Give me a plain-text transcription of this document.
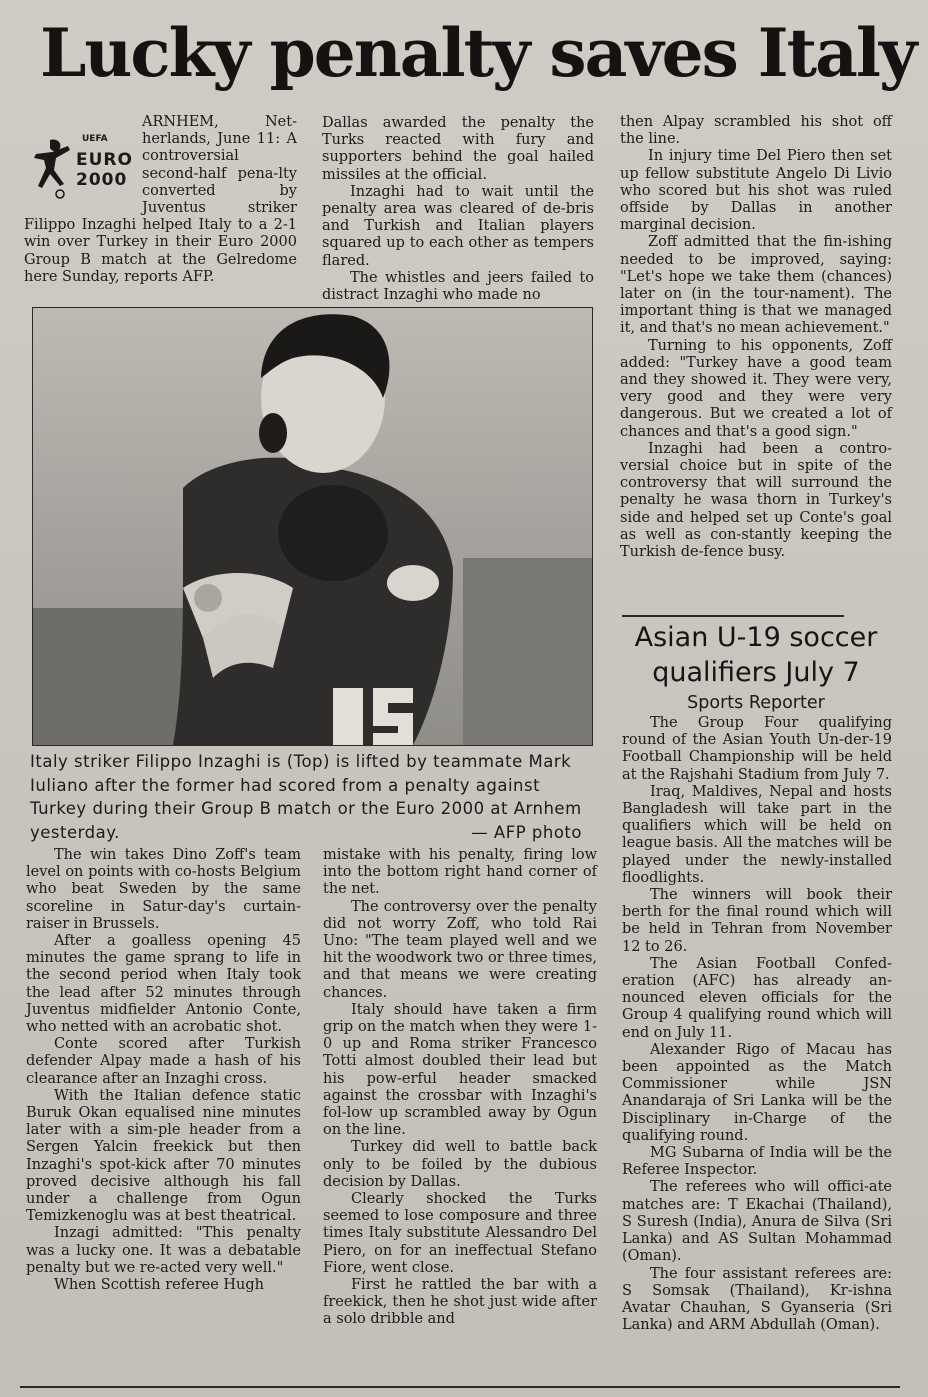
Lucky penalty saves Italy
UEFA
EURO
2000

ARNHEM, Net-herlands, June 11: A controversial second-half pena-lty converted by Juventus striker Filippo Inzaghi helped Italy to a 2-1 win over Turkey in their Euro 2000 Group B match at the Gelredome here Sunday, reports AFP.

Dallas awarded the penalty the Turks reacted with fury and supporters behind the goal hailed missiles at the official.

Inzaghi had to wait until the penalty area was cleared of de-bris and Turkish and Italian players squared up to each other as tempers flared.

The whistles and jeers failed to distract Inzaghi who made no

then Alpay scrambled his shot off the line.

In injury time Del Piero then set up fellow substitute Angelo Di Livio who scored but his shot was ruled offside by Dallas in another marginal decision.

Zoff admitted that the fin-ishing needed to be improved, saying: "Let's hope we take them (chances) later on (in the tour-nament). The important thing is that we managed it, and that's no mean achievement."

Turning to his opponents, Zoff added: "Turkey have a good team and they showed it. They were very, very good and they were very dangerous. But we created a lot of chances and that's a good sign."

Inzaghi had been a contro-versial choice but in spite of the controversy that will surround the penalty he wasa thorn in Turkey's side and helped set up Conte's goal as well as con-stantly keeping the Turkish de-fence busy.

Italy striker Filippo Inzaghi is (Top) is lifted by teammate Mark Iuliano after the former had scored from a penalty against Turkey during their Group B match or the Euro 2000 at Arnhem yesterday.	— AFP photo

The win takes Dino Zoff's team level on points with co-hosts Belgium who beat Sweden by the same scoreline in Satur-day's curtain-raiser in Brussels.

After a goalless opening 45 minutes the game sprang to life in the second period when Italy took the lead after 52 minutes through Juventus midfielder Antonio Conte, who netted with an acrobatic shot.

Conte scored after Turkish defender Alpay made a hash of his clearance after an Inzaghi cross.

With the Italian defence static Buruk Okan equalised nine minutes later with a sim-ple header from a Sergen Yalcin freekick but then Inzaghi's spot-kick after 70 minutes proved decisive although his fall under a challenge from Ogun Temizkenoglu was at best theatrical.

Inzagi admitted: "This penalty was a lucky one. It was a debatable penalty but we re-acted very well."

When Scottish referee Hugh

mistake with his penalty, firing low into the bottom right hand corner of the net.

The controversy over the penalty did not worry Zoff, who told Rai Uno: "The team played well and we hit the woodwork two or three times, and that means we were creating chances.

Italy should have taken a firm grip on the match when they were 1-0 up and Roma striker Francesco Totti almost doubled their lead but his pow-erful header smacked against the crossbar with Inzaghi's fol-low up scrambled away by Ogun on the line.

Turkey did well to battle back only to be foiled by the dubious decision by Dallas.

Clearly shocked the Turks seemed to lose composure and three times Italy substitute Alessandro Del Piero, on for an ineffectual Stefano Fiore, went close.

First he rattled the bar with a freekick, then he shot just wide after a solo dribble and

Asian U-19 soccer qualifiers July 7
Sports Reporter

The Group Four qualifying round of the Asian Youth Un-der-19 Football Championship will be held at the Rajshahi Stadium from July 7.

Iraq, Maldives, Nepal and hosts Bangladesh will take part in the qualifiers which will be held on league basis. All the matches will be played under the newly-installed floodlights.

The winners will book their berth for the final round which will be held in Tehran from November 12 to 26.

The Asian Football Confed-eration (AFC) has already an-nounced eleven officials for the Group 4 qualifying round which will end on July 11.

Alexander Rigo of Macau has been appointed as the Match Commissioner while JSN Anandaraja of Sri Lanka will be the Disciplinary in-Charge of the qualifying round.

MG Subarna of India will be the Referee Inspector.

The referees who will offici-ate matches are: T Ekachai (Thailand), S Suresh (India), Anura de Silva (Sri Lanka) and AS Sultan Mohammad (Oman).

The four assistant referees are: S Somsak (Thailand), Kr-ishna Avatar Chauhan, S Gyanseria (Sri Lanka) and ARM Abdullah (Oman).
